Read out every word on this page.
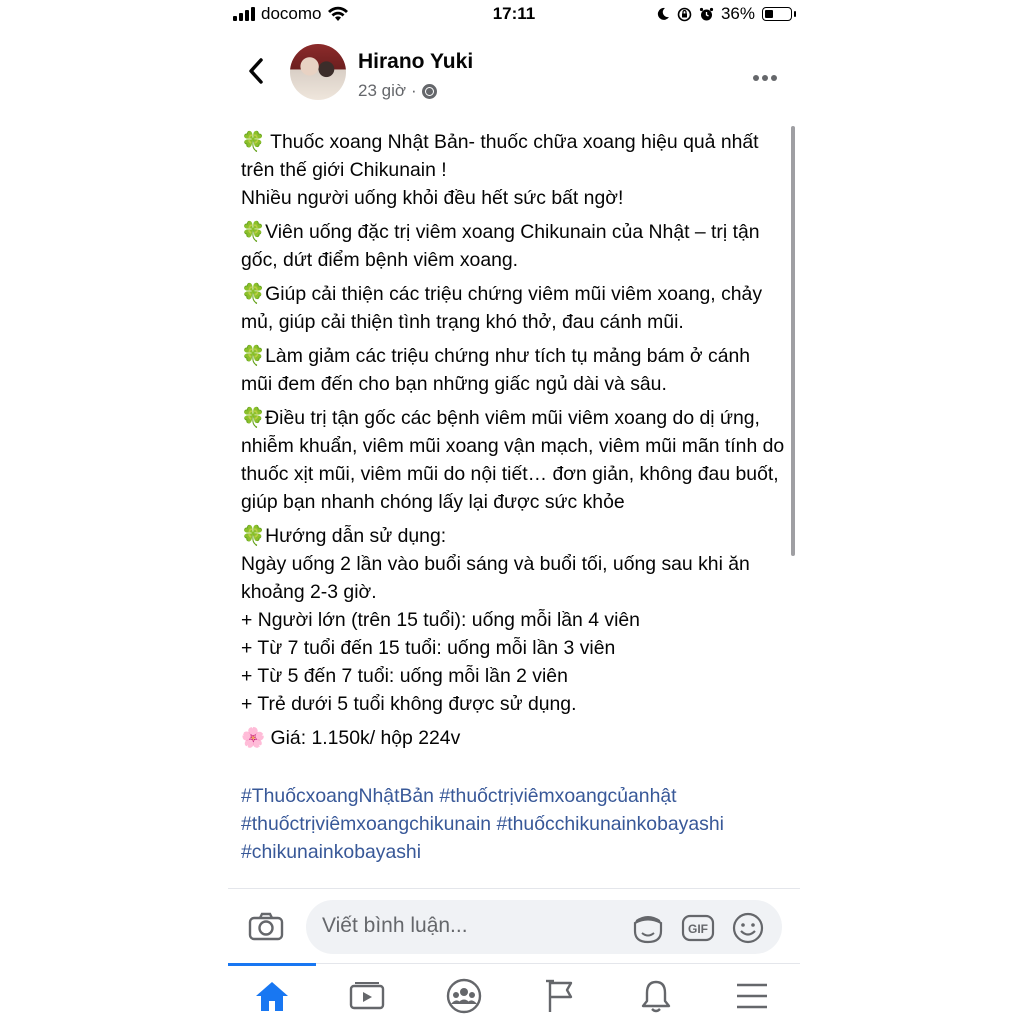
docomo	17:11	36%
Hirano Yuki
23 giờ ·

🍀 Thuốc xoang Nhật Bản- thuốc chữa xoang hiệu quả nhất trên thế giới Chikunain !
Nhiều người uống khỏi đều hết sức bất ngờ!

🍀Viên uống đặc trị viêm xoang Chikunain của Nhật – trị tận gốc, dứt điểm bệnh viêm xoang.

🍀Giúp cải thiện các triệu chứng viêm mũi viêm xoang, chảy mủ, giúp cải thiện tình trạng khó thở, đau cánh mũi.

🍀Làm giảm các triệu chứng như tích tụ mảng bám ở cánh mũi đem đến cho bạn những giấc ngủ dài và sâu.

🍀Điều trị tận gốc các bệnh viêm mũi viêm xoang do dị ứng, nhiễm khuẩn, viêm mũi xoang vận mạch, viêm mũi mãn tính do thuốc xịt mũi, viêm mũi do nội tiết… đơn giản, không đau buốt, giúp bạn nhanh chóng lấy lại được sức khỏe

🍀Hướng dẫn sử dụng:
Ngày uống 2 lần vào buổi sáng và buổi tối, uống sau khi ăn khoảng 2-3 giờ.
+ Người lớn (trên 15 tuổi): uống mỗi lần 4 viên
+ Từ 7 tuổi đến 15 tuổi: uống mỗi lần 3 viên
+ Từ 5 đến 7 tuổi: uống mỗi lần 2 viên
+ Trẻ dưới 5 tuổi không được sử dụng.

🌸 Giá: 1.150k/ hộp 224v

#ThuốcxoangNhậtBản #thuốctrịviêmxoangcủanhật
#thuốctrịviêmxoangchikunain #thuốcchikunainkobayashi
#chikunainkobayashi
Viết bình luận...	GIF
